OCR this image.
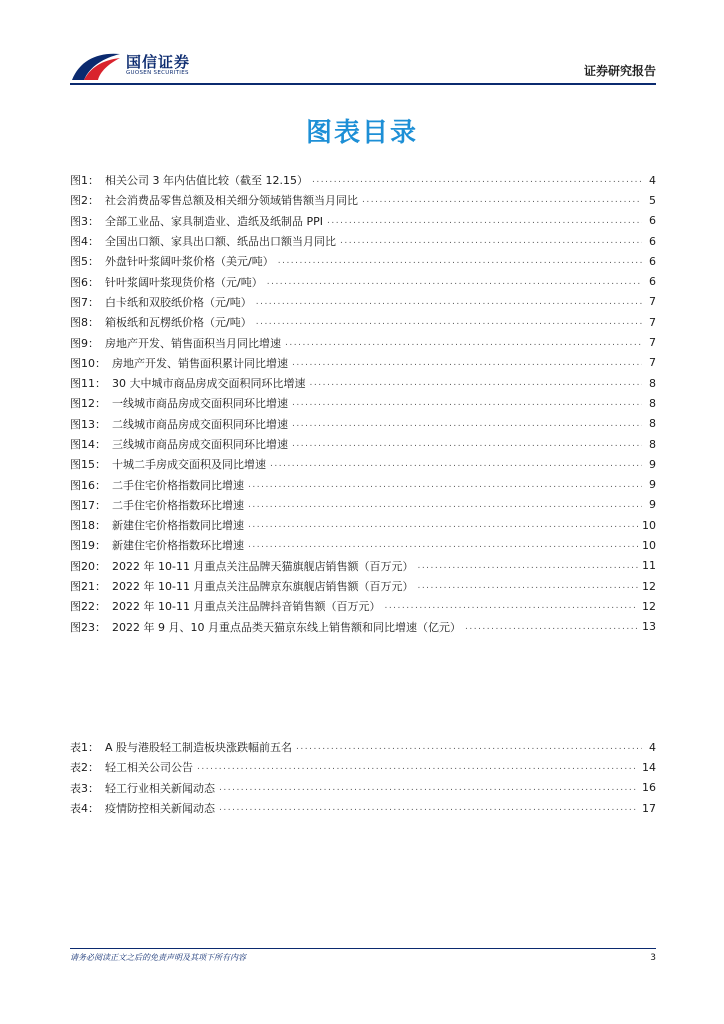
国信证券
GUOSEN SECURITIES	证券研究报告
图表目录
图1： 相关公司 3 年内估值比较（截至 12.15） .....	4
图2： 社会消费品零售总额及相关细分领域销售额当月同比 .....	5
图3： 全部工业品、家具制造业、造纸及纸制品 PPI .....	6
图4： 全国出口额、家具出口额、纸品出口额当月同比 .....	6
图5： 外盘针叶浆阔叶浆价格（美元/吨） .....	6
图6： 针叶浆阔叶浆现货价格（元/吨） .....	6
图7： 白卡纸和双胶纸价格（元/吨） .....	7
图8： 箱板纸和瓦楞纸价格（元/吨） .....	7
图9： 房地产开发、销售面积当月同比增速 .....	7
图10： 房地产开发、销售面积累计同比增速 .....	7
图11： 30 大中城市商品房成交面积同环比增速 .....	8
图12： 一线城市商品房成交面积同环比增速 .....	8
图13： 二线城市商品房成交面积同环比增速 .....	8
图14： 三线城市商品房成交面积同环比增速 .....	8
图15： 十城二手房成交面积及同比增速 .....	9
图16： 二手住宅价格指数同比增速 .....	9
图17： 二手住宅价格指数环比增速 .....	9
图18： 新建住宅价格指数同比增速 .....	10
图19： 新建住宅价格指数环比增速 .....	10
图20： 2022 年 10-11 月重点关注品牌天猫旗舰店销售额（百万元） .....	11
图21： 2022 年 10-11 月重点关注品牌京东旗舰店销售额（百万元） .....	12
图22： 2022 年 10-11 月重点关注品牌抖音销售额（百万元） .....	12
图23： 2022 年 9 月、10 月重点品类天猫京东线上销售额和同比增速（亿元） .....	13
表1： A 股与港股轻工制造板块涨跌幅前五名 .....	4
表2： 轻工相关公司公告 .....	14
表3： 轻工行业相关新闻动态 .....	16
表4： 疫情防控相关新闻动态 .....	17
请务必阅读正文之后的免责声明及其项下所有内容	3
